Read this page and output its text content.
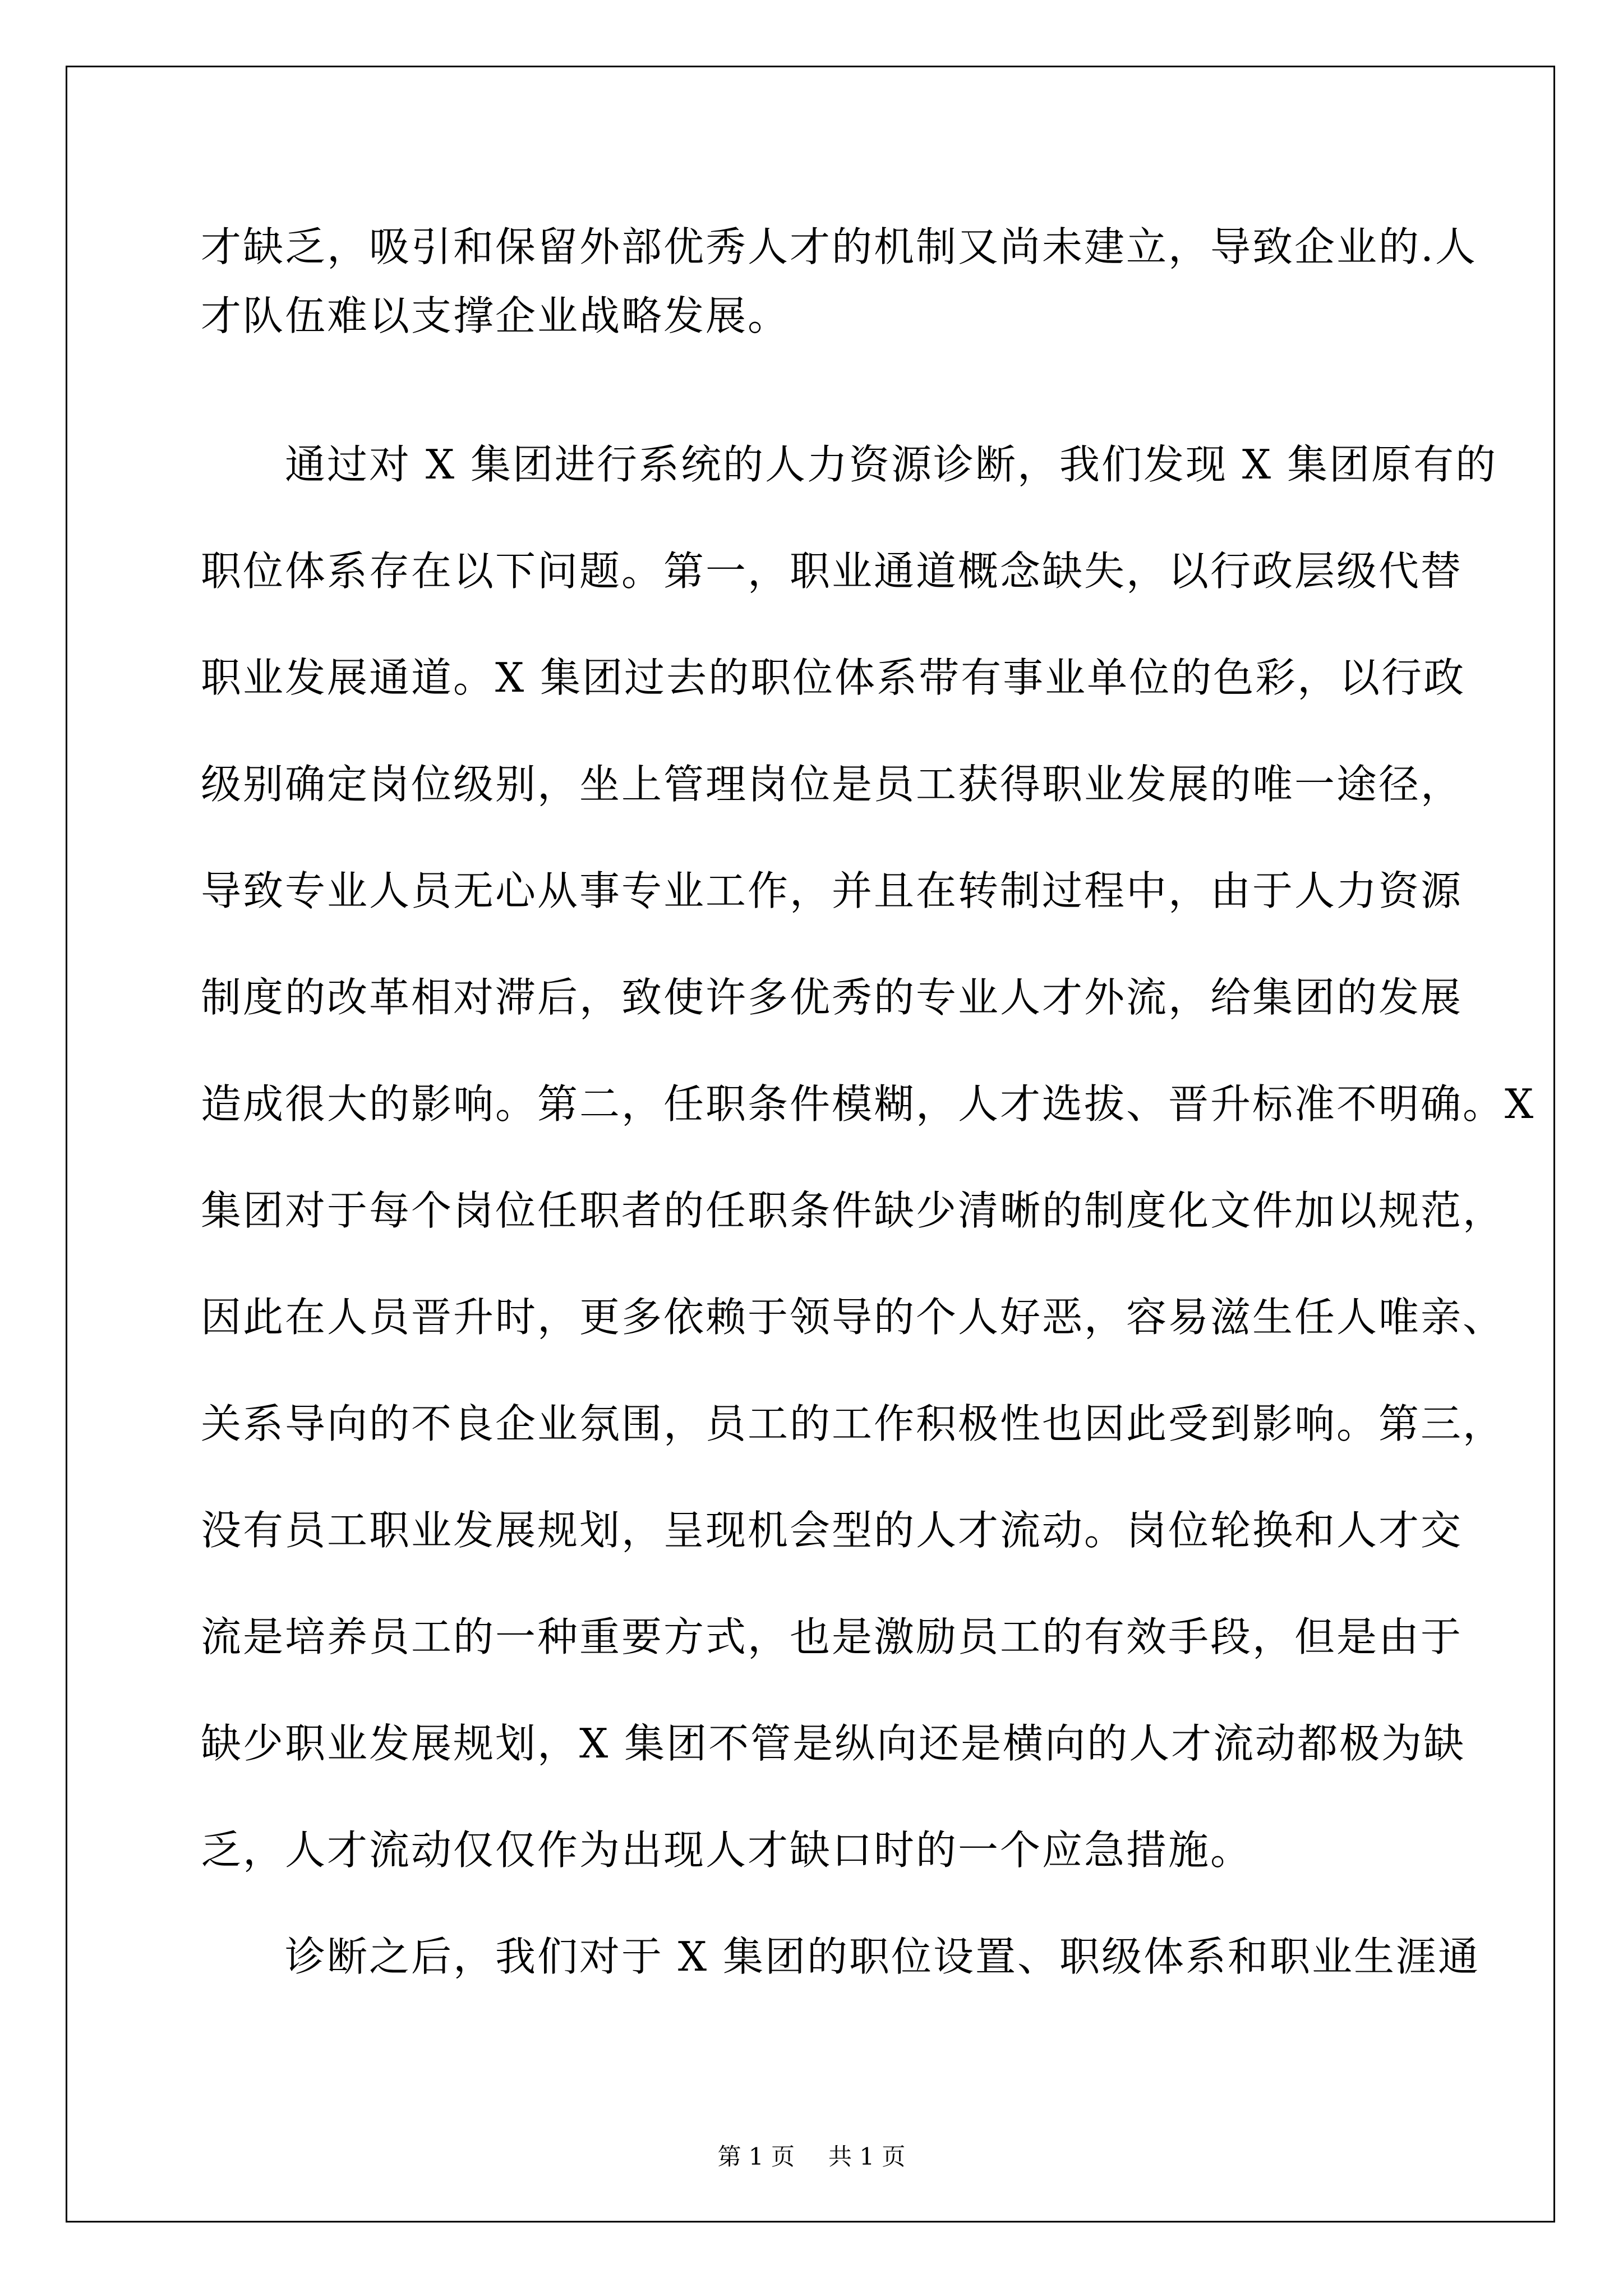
才缺乏，吸引和保留外部优秀人才的机制又尚未建立，导致企业的.人
才队伍难以支撑企业战略发展。
　　通过对 X 集团进行系统的人力资源诊断，我们发现 X 集团原有的
职位体系存在以下问题。第一，职业通道概念缺失，以行政层级代替
职业发展通道。X 集团过去的职位体系带有事业单位的色彩，以行政
级别确定岗位级别，坐上管理岗位是员工获得职业发展的唯一途径，
导致专业人员无心从事专业工作，并且在转制过程中，由于人力资源
制度的改革相对滞后，致使许多优秀的专业人才外流，给集团的发展
造成很大的影响。第二，任职条件模糊，人才选拔、晋升标准不明确。X
集团对于每个岗位任职者的任职条件缺少清晰的制度化文件加以规范，
因此在人员晋升时，更多依赖于领导的个人好恶，容易滋生任人唯亲、
关系导向的不良企业氛围，员工的工作积极性也因此受到影响。第三，
没有员工职业发展规划，呈现机会型的人才流动。岗位轮换和人才交
流是培养员工的一种重要方式，也是激励员工的有效手段，但是由于
缺少职业发展规划，X 集团不管是纵向还是横向的人才流动都极为缺
乏，人才流动仅仅作为出现人才缺口时的一个应急措施。
　　诊断之后，我们对于 X 集团的职位设置、职级体系和职业生涯通
第 1 页 共 1 页
